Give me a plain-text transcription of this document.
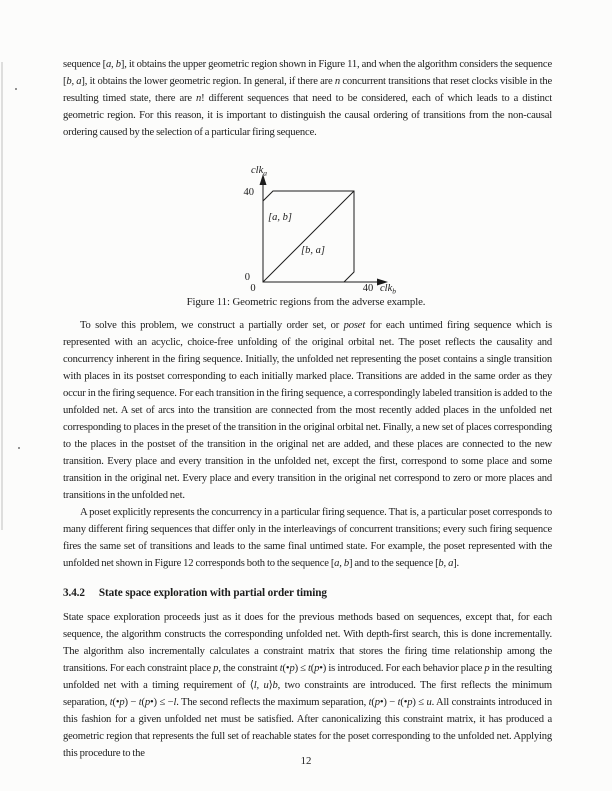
sequence [a, b], it obtains the upper geometric region shown in Figure 11, and when the algorithm considers the sequence [b, a], it obtains the lower geometric region. In general, if there are n concurrent transitions that reset clocks visible in the resulting timed state, there are n! different sequences that need to be considered, each of which leads to a distinct geometric region. For this reason, it is important to distinguish the causal ordering of transitions from the non-causal ordering caused by the selection of a particular firing sequence.

clk$_a$
40
0
0	40 clk$_b$
[a, b]
[b, a]
Figure 11: Geometric regions from the adverse example.

To solve this problem, we construct a partially order set, or poset for each untimed firing sequence which is represented with an acyclic, choice-free unfolding of the original orbital net. The poset reflects the causality and concurrency inherent in the firing sequence. Initially, the unfolded net representing the poset contains a single transition with places in its postset corresponding to each initially marked place. Transitions are added in the same order as they occur in the firing sequence. For each transition in the firing sequence, a correspondingly labeled transition is added to the unfolded net. A set of arcs into the transition are connected from the most recently added places in the unfolded net corresponding to places in the preset of the transition in the original orbital net. Finally, a new set of places corresponding to the places in the postset of the transition in the original net are added, and these places are connected to the new transition. Every place and every transition in the unfolded net, except the first, correspond to some place and some transition in the original net. Every place and every transition in the original net correspond to zero or more places and transitions in the unfolded net.

A poset explicitly represents the concurrency in a particular firing sequence. That is, a particular poset corresponds to many different firing sequences that differ only in the interleavings of concurrent transitions; every such firing sequence fires the same set of transitions and leads to the same final untimed state. For example, the poset represented with the unfolded net shown in Figure 12 corresponds both to the sequence [a, b] and to the sequence [b, a].

3.4.2 State space exploration with partial order timing

State space exploration proceeds just as it does for the previous methods based on sequences, except that, for each sequence, the algorithm constructs the corresponding unfolded net. With depth-first search, this is done incrementally. The algorithm also incrementally calculates a constraint matrix that stores the firing time relationship among the transitions. For each constraint place p, the constraint t(•p) ≤ t(p•) is introduced. For each behavior place p in the resulting unfolded net with a timing requirement of ⟨l, u⟩b, two constraints are introduced. The first reflects the minimum separation, t(•p) − t(p•) ≤ −l. The second reflects the maximum separation, t(p•) − t(•p) ≤ u. All constraints introduced in this fashion for a given unfolded net must be satisfied. After canonicalizing this constraint matrix, it has produced a geometric region that represents the full set of reachable states for the poset corresponding to the unfolded net. Applying this procedure to the

12
